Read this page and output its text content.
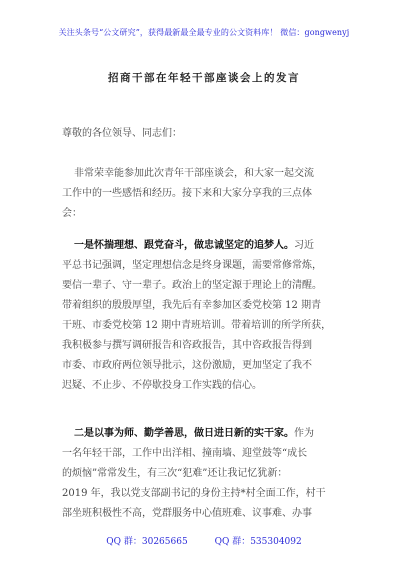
关注头条号“公文研究”，获得最新最全最专业的公文资料库！ 微信：gongwenyj
招商干部在年轻干部座谈会上的发言
尊敬的各位领导、同志们：
非常荣幸能参加此次青年干部座谈会，和大家一起交流
工作中的一些感悟和经历。接下来和大家分享我的三点体
会：
一是怀揣理想、跟党奋斗，做忠诚坚定的追梦人。习近
平总书记强调，坚定理想信念是终身课题，需要常修常炼，
要信一辈子、守一辈子。政治上的坚定源于理论上的清醒。
带着组织的殷殷厚望，我先后有幸参加区委党校第 12 期青
干班、市委党校第 12 期中青班培训。带着培训的所学所获，
我积极参与撰写调研报告和咨政报告，其中咨政报告得到
市委、市政府两位领导批示，这份激励，更加坚定了我不
迟疑、不止步、不停歇投身工作实践的信心。
二是以事为师、勤学善思，做日进日新的实干家。作为
一名年轻干部，工作中出洋相、撞南墙、迎堂鼓等“成长
的烦恼”常常发生，有三次“犯难”还让我记忆犹新：
2019 年，我以党支部副书记的身份主持*村全面工作，村干
部坐班积极性不高，党群服务中心值班难、议事难、办事
QQ 群：30265665	QQ 群：535304092
